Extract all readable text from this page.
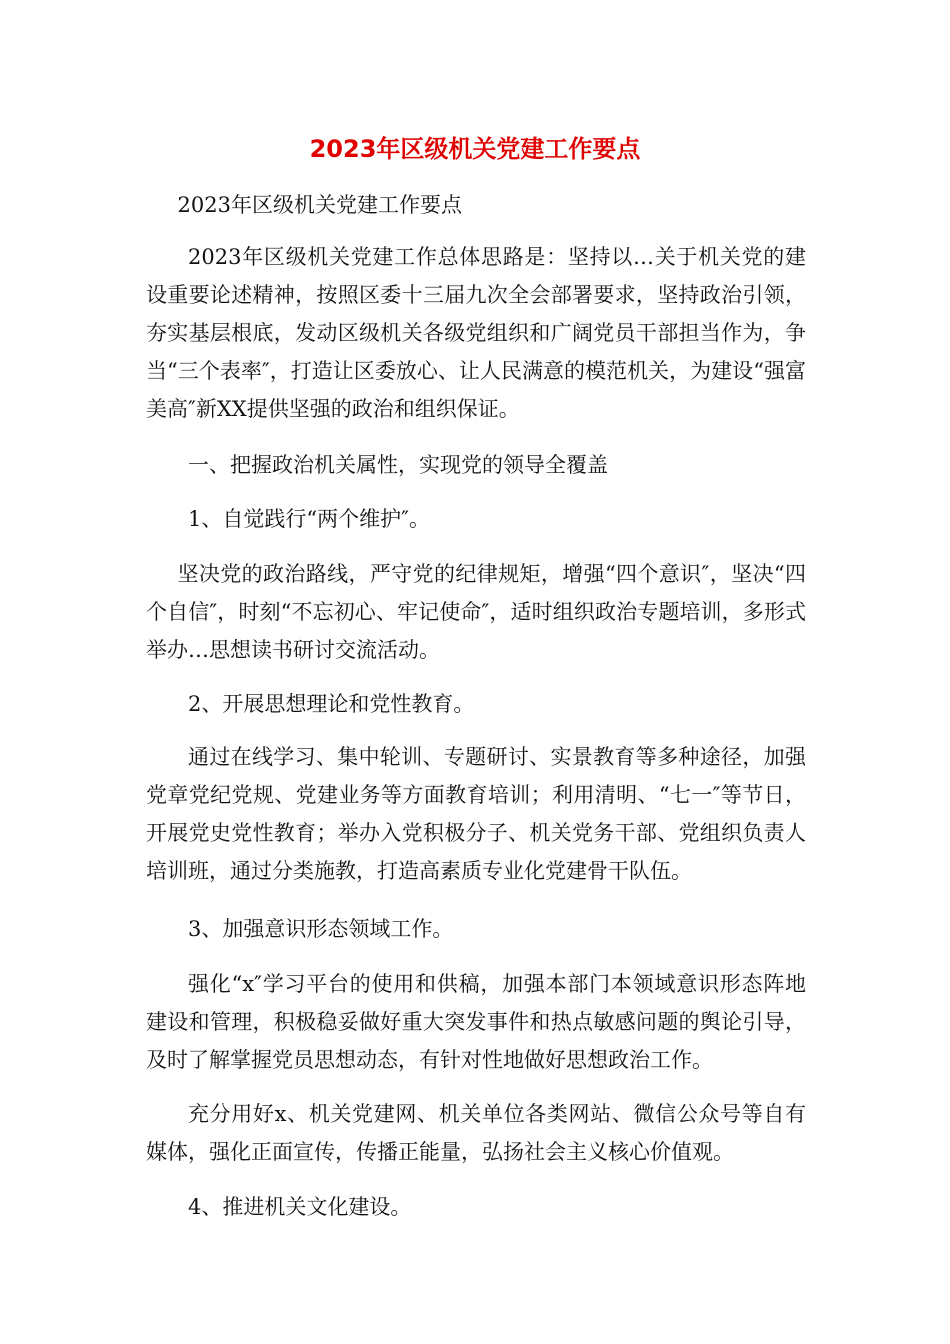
2023年区级机关党建工作要点

2023年区级机关党建工作要点

2023年区级机关党建工作总体思路是：坚持以…关于机关党的建设重要论述精神，按照区委十三届九次全会部署要求，坚持政治引领，夯实基层根底，发动区级机关各级党组织和广阔党员干部担当作为，争当“三个表率″，打造让区委放心、让人民满意的模范机关，为建设“强富美高″新XX提供坚强的政治和组织保证。

一、把握政治机关属性，实现党的领导全覆盖

1、自觉践行“两个维护″。

坚决党的政治路线，严守党的纪律规矩，增强“四个意识″，坚决“四个自信″，时刻“不忘初心、牢记使命″，适时组织政治专题培训，多形式举办…思想读书研讨交流活动。

2、开展思想理论和党性教育。

通过在线学习、集中轮训、专题研讨、实景教育等多种途径，加强党章党纪党规、党建业务等方面教育培训；利用清明、“七一″等节日，开展党史党性教育；举办入党积极分子、机关党务干部、党组织负责人培训班，通过分类施教，打造高素质专业化党建骨干队伍。

3、加强意识形态领域工作。

强化“x″学习平台的使用和供稿，加强本部门本领域意识形态阵地建设和管理，积极稳妥做好重大突发事件和热点敏感问题的舆论引导，及时了解掌握党员思想动态，有针对性地做好思想政治工作。

充分用好x、机关党建网、机关单位各类网站、微信公众号等自有媒体，强化正面宣传，传播正能量，弘扬社会主义核心价值观。

4、推进机关文化建设。
